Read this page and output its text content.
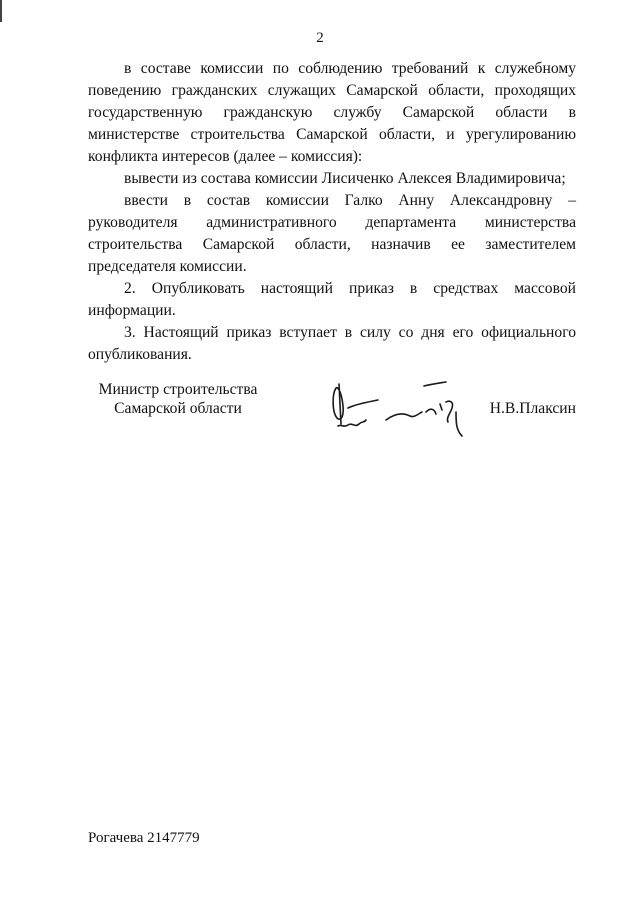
2

в составе комиссии по соблюдению требований к служебному поведению гражданских служащих Самарской области, проходящих государственную гражданскую службу Самарской области в министерстве строительства Самарской области, и урегулированию конфликта интересов (далее – комиссия):

вывести из состава комиссии Лисиченко Алексея Владимировича;

ввести в состав комиссии Галко Анну Александровну – руководителя административного департамента министерства строительства Самарской области, назначив ее заместителем председателя комиссии.

2. Опубликовать настоящий приказ в средствах массовой информации.

3. Настоящий приказ вступает в силу со дня его официального опубликования.

Министр строительства
Самарской области	Н.В.Плаксин
Рогачева 2147779
